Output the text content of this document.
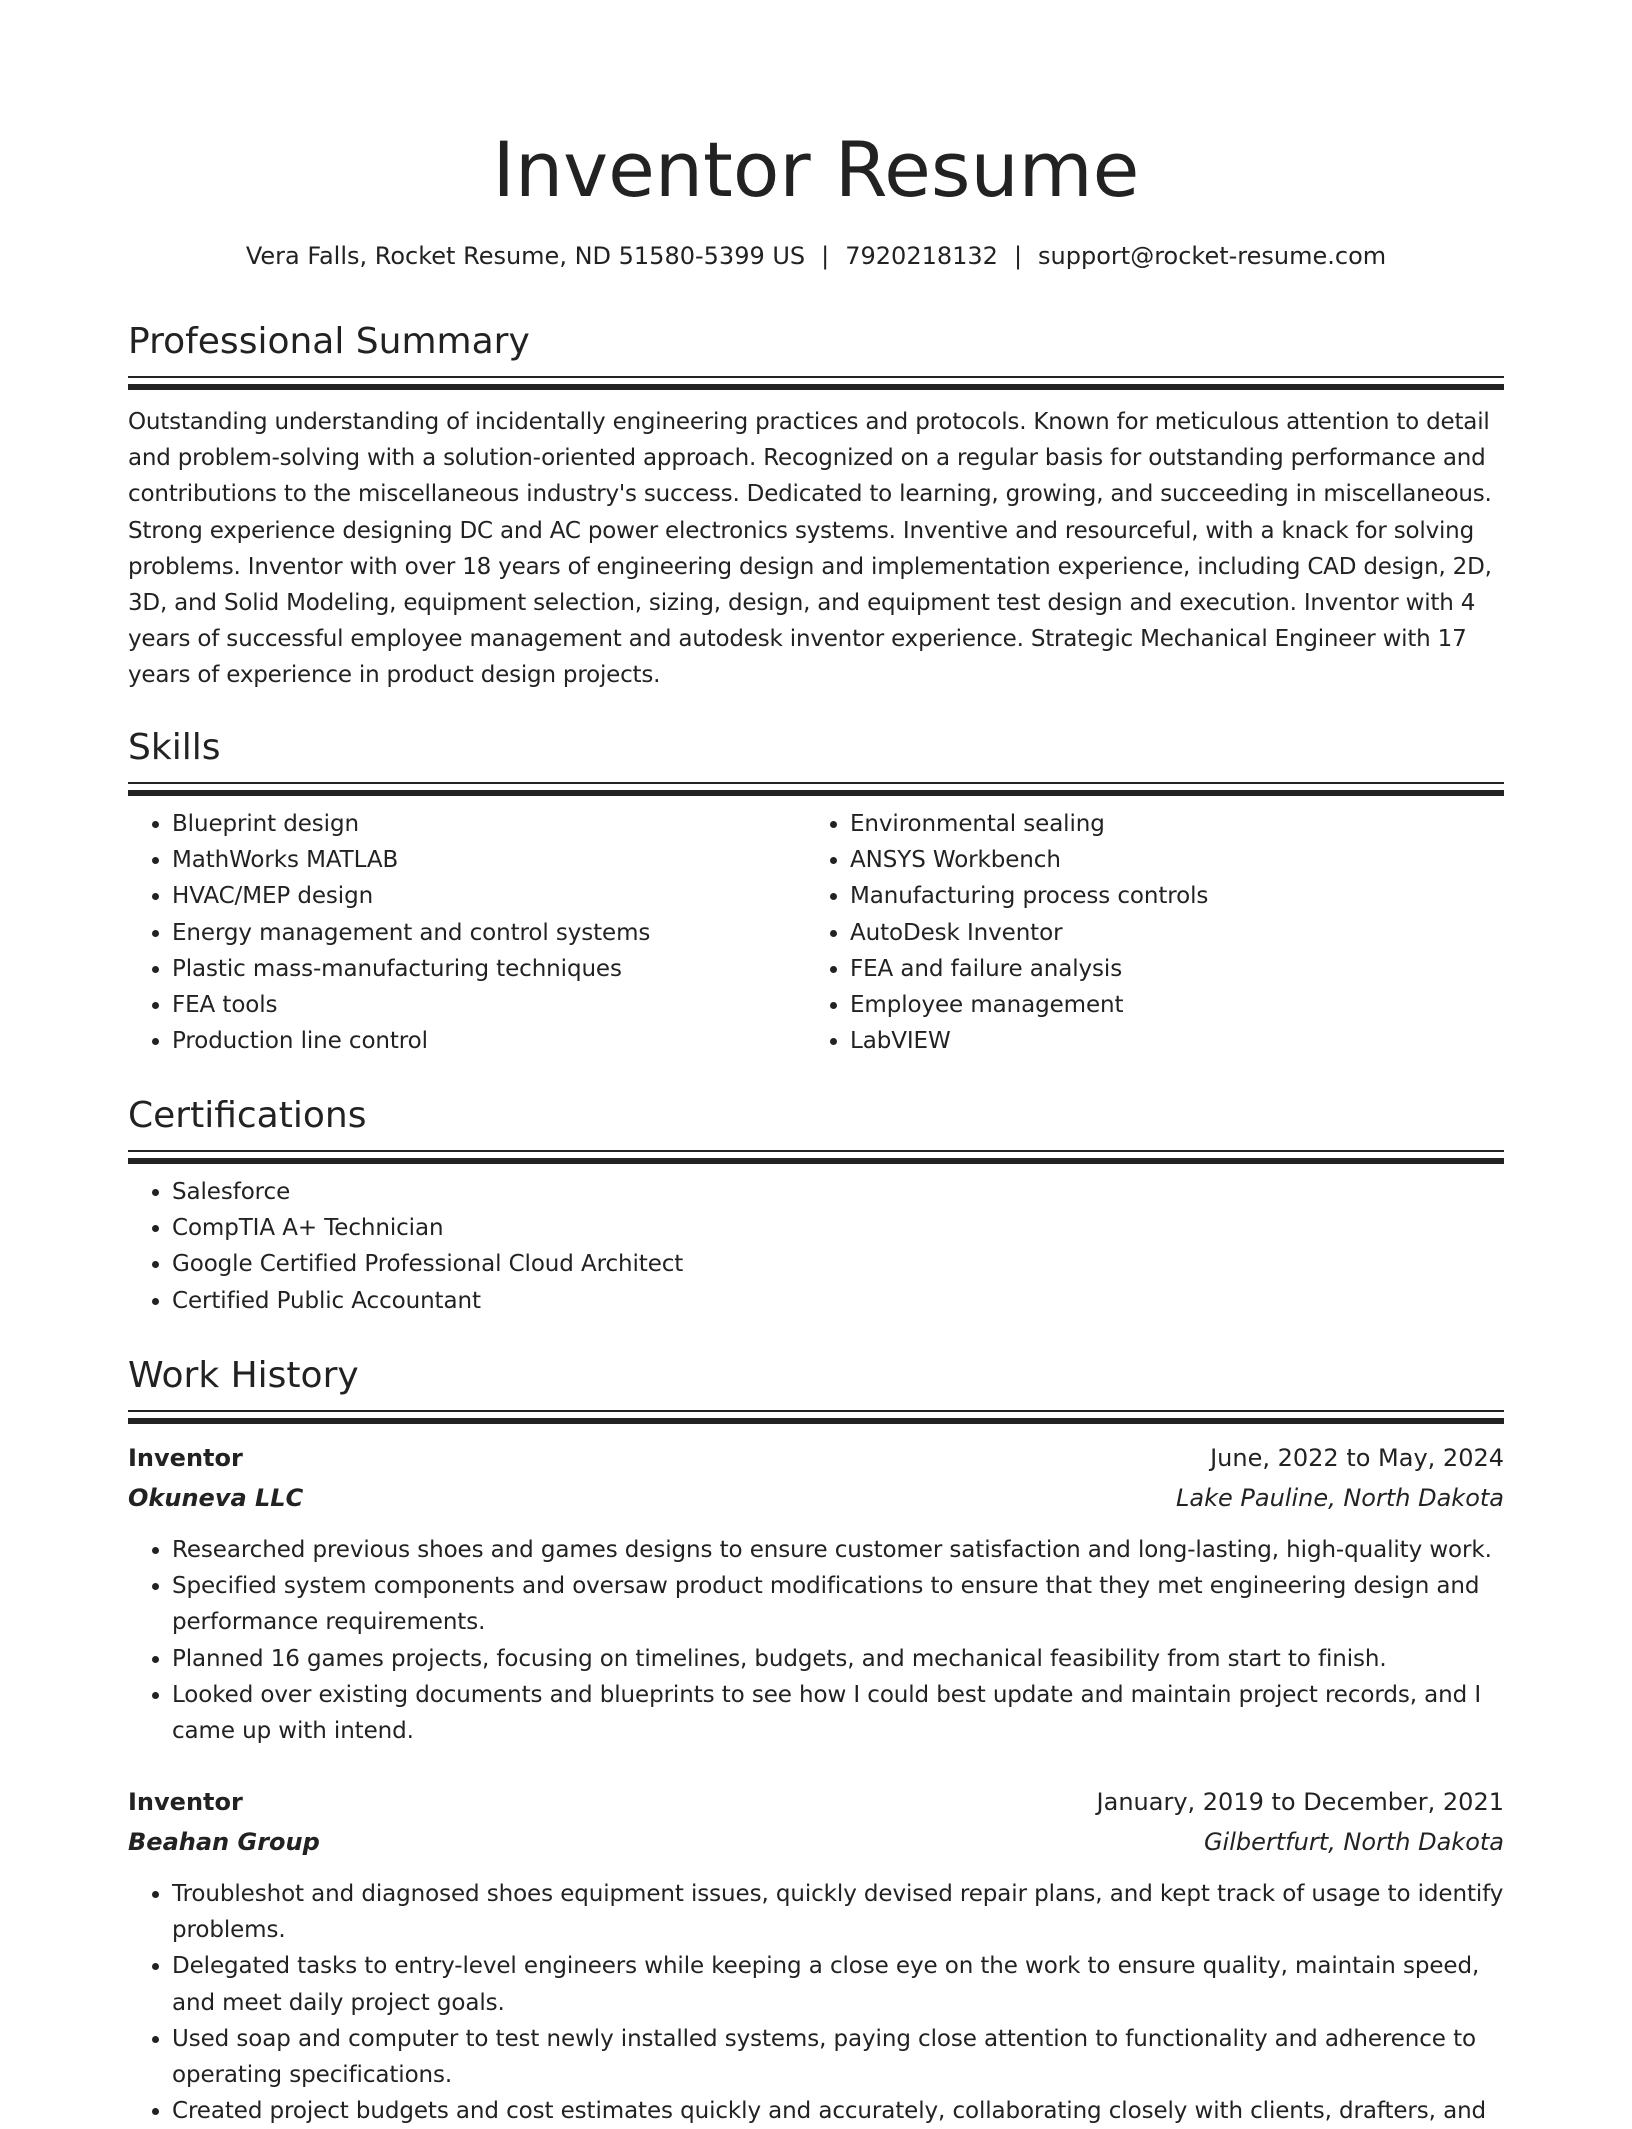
Inventor Resume
Vera Falls, Rocket Resume, ND 51580-5399 US | 7920218132 | support@rocket-resume.com
Professional Summary

Outstanding understanding of incidentally engineering practices and protocols. Known for meticulous attention to detail and problem-solving with a solution-oriented approach. Recognized on a regular basis for outstanding performance and contributions to the miscellaneous industry's success. Dedicated to learning, growing, and succeeding in miscellaneous. Strong experience designing DC and AC power electronics systems. Inventive and resourceful, with a knack for solving problems. Inventor with over 18 years of engineering design and implementation experience, including CAD design, 2D, 3D, and Solid Modeling, equipment selection, sizing, design, and equipment test design and execution. Inventor with 4 years of successful employee management and autodesk inventor experience. Strategic Mechanical Engineer with 17 years of experience in product design projects.

Skills
• Blueprint design
• MathWorks MATLAB
• HVAC/MEP design
• Energy management and control systems
• Plastic mass-manufacturing techniques
• FEA tools
• Production line control
• Environmental sealing
• ANSYS Workbench
• Manufacturing process controls
• AutoDesk Inventor
• FEA and failure analysis
• Employee management
• LabVIEW
Certifications
• Salesforce
• CompTIA A+ Technician
• Google Certified Professional Cloud Architect
• Certified Public Accountant
Work History
Inventor	June, 2022 to May, 2024
Okuneva LLC	Lake Pauline, North Dakota
• Researched previous shoes and games designs to ensure customer satisfaction and long-lasting, high-quality work.
• Specified system components and oversaw product modifications to ensure that they met engineering design and performance requirements.
• Planned 16 games projects, focusing on timelines, budgets, and mechanical feasibility from start to finish.
• Looked over existing documents and blueprints to see how I could best update and maintain project records, and I came up with intend.
Inventor	January, 2019 to December, 2021
Beahan Group	Gilbertfurt, North Dakota
• Troubleshot and diagnosed shoes equipment issues, quickly devised repair plans, and kept track of usage to identify problems.
• Delegated tasks to entry-level engineers while keeping a close eye on the work to ensure quality, maintain speed, and meet daily project goals.
• Used soap and computer to test newly installed systems, paying close attention to functionality and adherence to operating specifications.
• Created project budgets and cost estimates quickly and accurately, collaborating closely with clients, drafters, and
